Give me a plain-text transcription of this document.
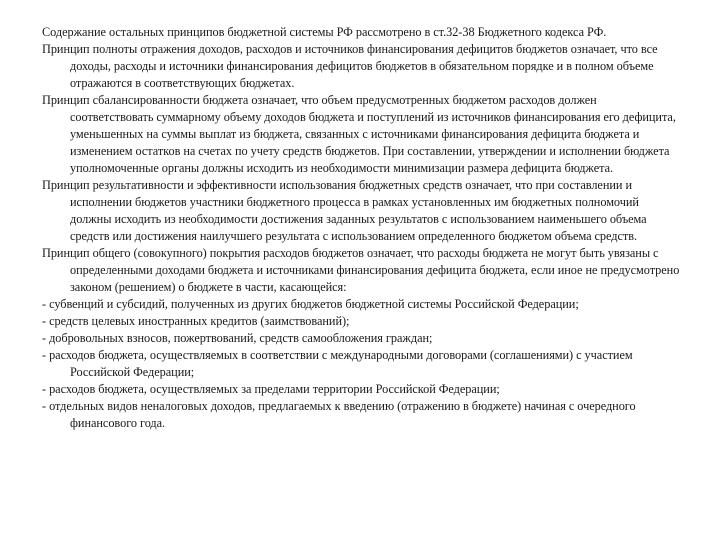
Содержание остальных принципов бюджетной системы РФ рассмотрено в ст.32-38 Бюджетного кодекса РФ.

Принцип полноты отражения доходов, расходов и источников финансирования дефицитов бюджетов означает, что все доходы, расходы и источники финансирования дефицитов бюджетов в обязательном порядке и в полном объеме отражаются в соответствующих бюджетах.

Принцип сбалансированности бюджета означает, что объем предусмотренных бюджетом расходов должен соответствовать суммарному объему доходов бюджета и поступлений из источников финансирования его дефицита, уменьшенных на суммы выплат из бюджета, связанных с источниками финансирования дефицита бюджета и изменением остатков на счетах по учету средств бюджетов. При составлении, утверждении и исполнении бюджета уполномоченные органы должны исходить из необходимости минимизации размера дефицита бюджета.

Принцип результативности и эффективности использования бюджетных средств означает, что при составлении и исполнении бюджетов участники бюджетного процесса в рамках установленных им бюджетных полномочий должны исходить из необходимости достижения заданных результатов с использованием наименьшего объема средств или достижения наилучшего результата с использованием определенного бюджетом объема средств.

Принцип общего (совокупного) покрытия расходов бюджетов означает, что расходы бюджета не могут быть увязаны с определенными доходами бюджета и источниками финансирования дефицита бюджета, если иное не предусмотрено законом (решением) о бюджете в части, касающейся:

- субвенций и субсидий, полученных из других бюджетов бюджетной системы Российской Федерации;

- средств целевых иностранных кредитов (заимствований);

- добровольных взносов, пожертвований, средств самообложения граждан;

- расходов бюджета, осуществляемых в соответствии с международными договорами (соглашениями) с участием Российской Федерации;

- расходов бюджета, осуществляемых за пределами территории Российской Федерации;

- отдельных видов неналоговых доходов, предлагаемых к введению (отражению в бюджете) начиная с очередного финансового года.
